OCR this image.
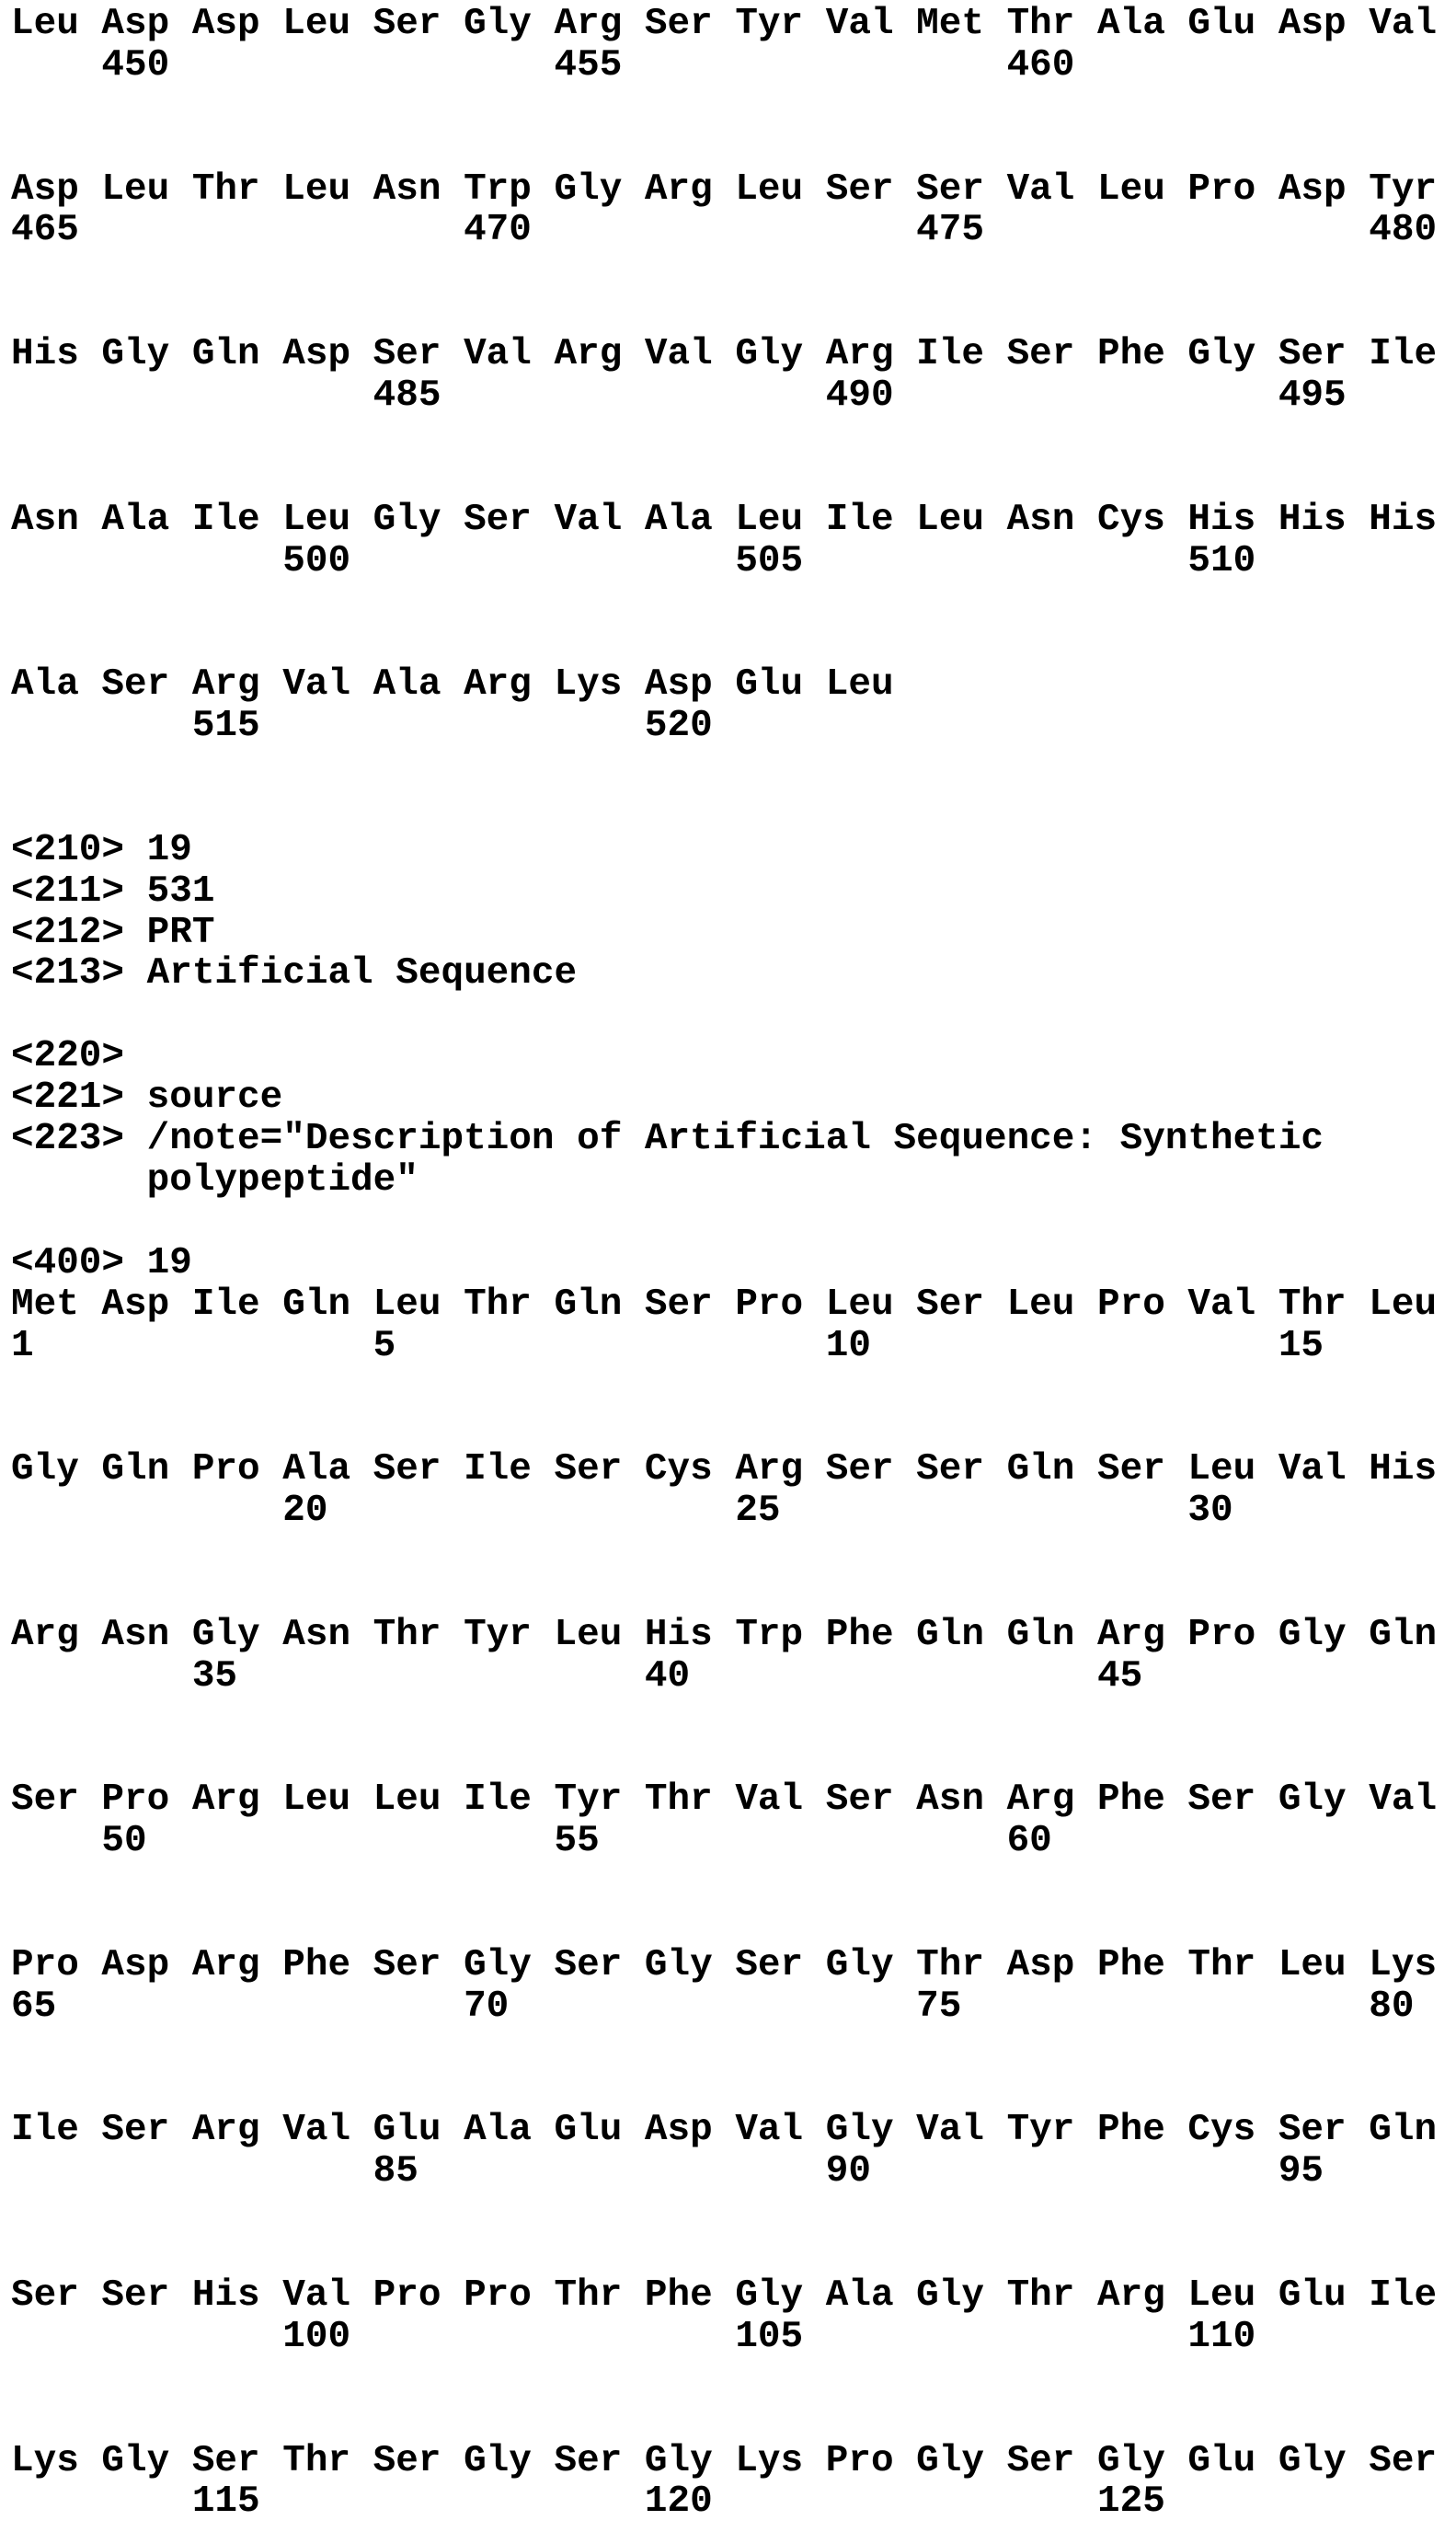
Leu Asp Asp Leu Ser Gly Arg Ser Tyr Val Met Thr Ala Glu Asp Val
450                 455                 460
Asp Leu Thr Leu Asn Trp Gly Arg Leu Ser Ser Val Leu Pro Asp Tyr
465                 470                 475                 480
His Gly Gln Asp Ser Val Arg Val Gly Arg Ile Ser Phe Gly Ser Ile
485                 490                 495
Asn Ala Ile Leu Gly Ser Val Ala Leu Ile Leu Asn Cys His His His
500                 505                 510
Ala Ser Arg Val Ala Arg Lys Asp Glu Leu
515                 520
<210> 19
<211> 531
<212> PRT
<213> Artificial Sequence
<220>
<221> source
<223> /note="Description of Artificial Sequence: Synthetic
polypeptide"
<400> 19
Met Asp Ile Gln Leu Thr Gln Ser Pro Leu Ser Leu Pro Val Thr Leu
1               5                   10                  15
Gly Gln Pro Ala Ser Ile Ser Cys Arg Ser Ser Gln Ser Leu Val His
20                  25                  30
Arg Asn Gly Asn Thr Tyr Leu His Trp Phe Gln Gln Arg Pro Gly Gln
35                  40                  45
Ser Pro Arg Leu Leu Ile Tyr Thr Val Ser Asn Arg Phe Ser Gly Val
50                  55                  60
Pro Asp Arg Phe Ser Gly Ser Gly Ser Gly Thr Asp Phe Thr Leu Lys
65                  70                  75                  80
Ile Ser Arg Val Glu Ala Glu Asp Val Gly Val Tyr Phe Cys Ser Gln
85                  90                  95
Ser Ser His Val Pro Pro Thr Phe Gly Ala Gly Thr Arg Leu Glu Ile
100                 105                 110
Lys Gly Ser Thr Ser Gly Ser Gly Lys Pro Gly Ser Gly Glu Gly Ser
115                 120                 125
